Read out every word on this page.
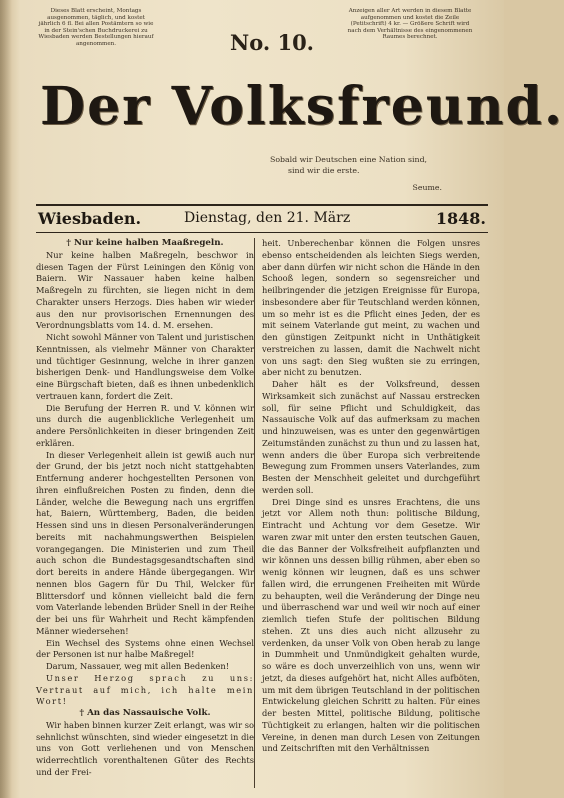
Dieses Blatt erscheint, Montags ausgenommen, täglich, und kostet jährlich 6 fl. Bei allen Postämtern so wie in der Stein'schen Buchdruckerei zu Wiesbaden werden Bestellungen hierauf angenommen.	No. 10.
Anzeigen aller Art werden in diesem Blatte aufgenommen und kostet die Zeile (Petitschrift) 4 kr. — Größere Schrift wird nach dem Verhältnisse des eingenommenen Raumes berechnet.
Der Volksfreund.
Sobald wir Deutschen eine Nation sind,
sind wir die erste.
Seume.
Wiesbaden.	Dienstag, den 21. März	1848.

† Nur keine halben Maaßregeln.

Nur keine halben Maßregeln, beschwor in diesen Tagen der Fürst Leiningen den König von Baiern. Wir Nassauer haben keine halben Maßregeln zu fürchten, sie liegen nicht in dem Charakter unsers Herzogs. Dies haben wir wieder aus den nur provisorischen Ernennungen des Verordnungsblatts vom 14. d. M. ersehen.

Nicht sowohl Männer von Talent und juristischen Kenntnissen, als vielmehr Männer von Charakter und tüchtiger Gesinnung, welche in ihrer ganzen bisherigen Denk- und Handlungsweise dem Volke eine Bürgschaft bieten, daß es ihnen unbedenklich vertrauen kann, fordert die Zeit.

Die Berufung der Herren R. und V. können wir uns durch die augenblickliche Verlegenheit um andere Persönlichkeiten in dieser bringenden Zeit erklären.

In dieser Verlegenheit allein ist gewiß auch nur der Grund, der bis jetzt noch nicht stattgehabten Entfernung anderer hochgestellten Personen von ihren einflußreichen Posten zu finden, denn die Länder, welche die Bewegung nach uns ergriffen hat, Baiern, Württemberg, Baden, die beiden Hessen sind uns in diesen Personalveränderungen bereits mit nachahmungswerthen Beispielen vorangegangen. Die Ministerien und zum Theil auch schon die Bundestagsgesandtschaften sind dort bereits in andere Hände übergegangen. Wir nennen blos Gagern für Du Thil, Welcker für Blittersdorf und können vielleicht bald die fern vom Vaterlande lebenden Brüder Snell in der Reihe der bei uns für Wahrheit und Recht kämpfenden Männer wiedersehen!

Ein Wechsel des Systems ohne einen Wechsel der Personen ist nur halbe Maßregel!

Darum, Nassauer, weg mit allen Bedenken!

Unser Herzog sprach zu uns: Vertraut auf mich, ich halte mein Wort!

† An das Nassauische Volk.

Wir haben binnen kurzer Zeit erlangt, was wir so sehnlichst wünschten, sind wieder eingesetzt in die uns von Gott verliehenen und von Menschen widerrechtlich vorenthaltenen Güter des Rechts und der Frei-

heit. Unberechenbar können die Folgen unsres ebenso entscheidenden als leichten Siegs werden, aber dann dürfen wir nicht schon die Hände in den Schooß legen, sondern so segensreicher und heilbringender die jetzigen Ereignisse für Europa, insbesondere aber für Teutschland werden können, um so mehr ist es die Pflicht eines Jeden, der es mit seinem Vaterlande gut meint, zu wachen und den günstigen Zeitpunkt nicht in Unthätigkeit verstreichen zu lassen, damit die Nachwelt nicht von uns sagt: den Sieg wußten sie zu erringen, aber nicht zu benutzen.

Daher hält es der Volksfreund, dessen Wirksamkeit sich zunächst auf Nassau erstrecken soll, für seine Pflicht und Schuldigkeit, das Nassauische Volk auf das aufmerksam zu machen und hinzuweisen, was es unter den gegenwärtigen Zeitumständen zunächst zu thun und zu lassen hat, wenn anders die über Europa sich verbreitende Bewegung zum Frommen unsers Vaterlandes, zum Besten der Menschheit geleitet und durchgeführt werden soll.

Drei Dinge sind es unsres Erachtens, die uns jetzt vor Allem noth thun: politische Bildung, Eintracht und Achtung vor dem Gesetze. Wir waren zwar mit unter den ersten teutschen Gauen, die das Banner der Volksfreiheit aufpflanzten und wir können uns dessen billig rühmen, aber eben so wenig können wir leugnen, daß es uns schwer fallen wird, die errungenen Freiheiten mit Würde zu behaupten, weil die Veränderung der Dinge neu und überraschend war und weil wir noch auf einer ziemlich tiefen Stufe der politischen Bildung stehen. Zt uns dies auch nicht allzusehr zu verdenken, da unser Volk von Oben herab zu lange in Dummheit und Unmündigkeit gehalten wurde, so wäre es doch unverzeihlich von uns, wenn wir jetzt, da dieses aufgehört hat, nicht Alles aufböten, um mit dem übrigen Teutschland in der politischen Entwickelung gleichen Schritt zu halten. Für eines der besten Mittel, politische Bildung, politische Tüchtigkeit zu erlangen, halten wir die politischen Vereine, in denen man durch Lesen von Zeitungen und Zeitschriften mit den Verhältnissen
